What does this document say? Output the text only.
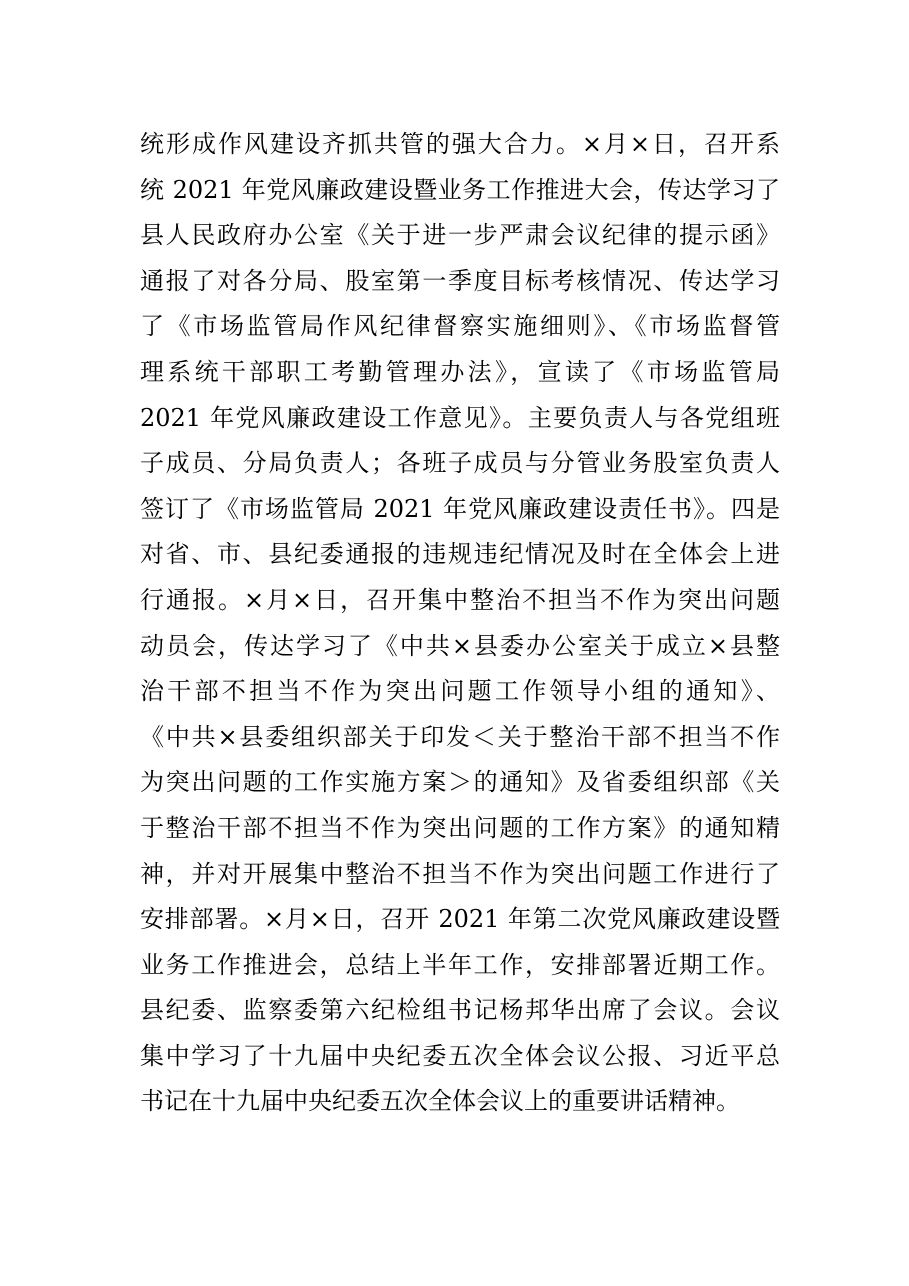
统形成作风建设齐抓共管的强大合力。×月×日，召开系
统 2021 年党风廉政建设暨业务工作推进大会，传达学习了
县人民政府办公室《关于进一步严肃会议纪律的提示函》
通报了对各分局、股室第一季度目标考核情况、传达学习
了《市场监管局作风纪律督察实施细则》、《市场监督管
理系统干部职工考勤管理办法》，宣读了《市场监管局
2021 年党风廉政建设工作意见》。主要负责人与各党组班
子成员、分局负责人；各班子成员与分管业务股室负责人
签订了《市场监管局 2021 年党风廉政建设责任书》。四是
对省、市、县纪委通报的违规违纪情况及时在全体会上进
行通报。×月×日，召开集中整治不担当不作为突出问题
动员会，传达学习了《中共×县委办公室关于成立×县整
治干部不担当不作为突出问题工作领导小组的通知》、
《中共×县委组织部关于印发＜关于整治干部不担当不作
为突出问题的工作实施方案＞的通知》及省委组织部《关
于整治干部不担当不作为突出问题的工作方案》的通知精
神，并对开展集中整治不担当不作为突出问题工作进行了
安排部署。×月×日，召开 2021 年第二次党风廉政建设暨
业务工作推进会，总结上半年工作，安排部署近期工作。
县纪委、监察委第六纪检组书记杨邦华出席了会议。会议
集中学习了十九届中央纪委五次全体会议公报、习近平总
书记在十九届中央纪委五次全体会议上的重要讲话精神。
